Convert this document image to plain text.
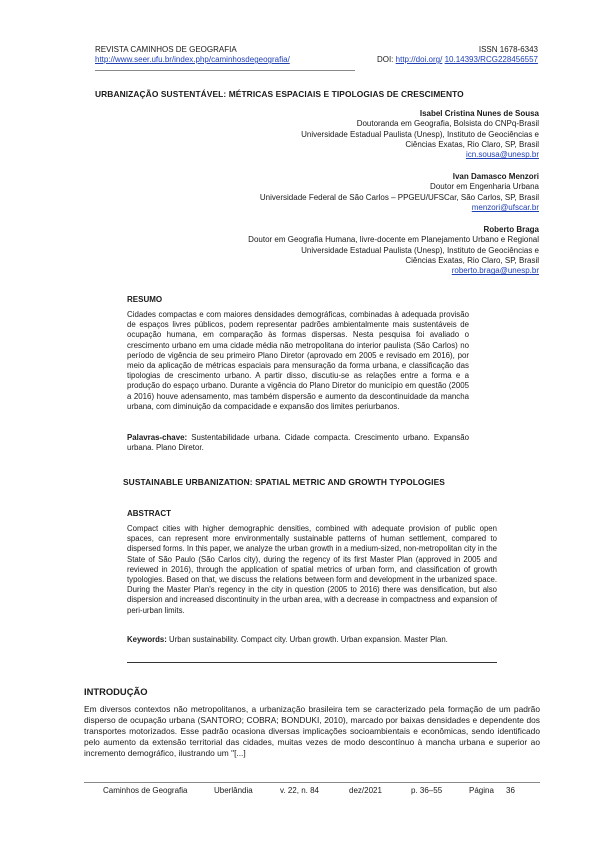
REVISTA CAMINHOS DE GEOGRAFIA	ISSN 1678-6343
http://www.seer.ufu.br/index.php/caminhosdegeografia/	DOI: http://doi.org/ 10.14393/RCG228456557
URBANIZAÇÃO SUSTENTÁVEL: MÉTRICAS ESPACIAIS E TIPOLOGIAS DE CRESCIMENTO
Isabel Cristina Nunes de Sousa
Doutoranda em Geografia, Bolsista do CNPq-Brasil
Universidade Estadual Paulista (Unesp), Instituto de Geociências e
Ciências Exatas, Rio Claro, SP, Brasil
icn.sousa@unesp.br
Ivan Damasco Menzori
Doutor em Engenharia Urbana
Universidade Federal de São Carlos – PPGEU/UFSCar, São Carlos, SP, Brasil
menzori@ufscar.br
Roberto Braga
Doutor em Geografia Humana, livre-docente em Planejamento Urbano e Regional
Universidade Estadual Paulista (Unesp), Instituto de Geociências e
Ciências Exatas, Rio Claro, SP, Brasil
roberto.braga@unesp.br
RESUMO
Cidades compactas e com maiores densidades demográficas, combinadas à adequada provisão de espaços livres públicos, podem representar padrões ambientalmente mais sustentáveis de ocupação humana, em comparação às formas dispersas. Nesta pesquisa foi avaliado o crescimento urbano em uma cidade média não metropolitana do interior paulista (São Carlos) no período de vigência de seu primeiro Plano Diretor (aprovado em 2005 e revisado em 2016), por meio da aplicação de métricas espaciais para mensuração da forma urbana, e classificação das tipologias de crescimento urbano. A partir disso, discutiu-se as relações entre a forma e a produção do espaço urbano. Durante a vigência do Plano Diretor do município em questão (2005 a 2016) houve adensamento, mas também dispersão e aumento da descontinuidade da mancha urbana, com diminuição da compacidade e expansão dos limites periurbanos.
Palavras-chave: Sustentabilidade urbana. Cidade compacta. Crescimento urbano. Expansão urbana. Plano Diretor.
SUSTAINABLE URBANIZATION: SPATIAL METRIC AND GROWTH TYPOLOGIES
ABSTRACT
Compact cities with higher demographic densities, combined with adequate provision of public open spaces, can represent more environmentally sustainable patterns of human settlement, compared to dispersed forms. In this paper, we analyze the urban growth in a medium-sized, non-metropolitan city in the State of São Paulo (São Carlos city), during the regency of its first Master Plan (approved in 2005 and reviewed in 2016), through the application of spatial metrics of urban form, and classification of growth typologies. Based on that, we discuss the relations between form and development in the urbanized space. During the Master Plan's regency in the city in question (2005 to 2016) there was densification, but also dispersion and increased discontinuity in the urban area, with a decrease in compactness and expansion of peri-urban limits.
Keywords: Urban sustainability. Compact city. Urban growth. Urban expansion. Master Plan.
INTRODUÇÃO
Em diversos contextos não metropolitanos, a urbanização brasileira tem se caracterizado pela formação de um padrão disperso de ocupação urbana (SANTORO; COBRA; BONDUKI, 2010), marcado por baixas densidades e dependente dos transportes motorizados. Esse padrão ocasiona diversas implicações socioambientais e econômicas, sendo identificado pelo aumento da extensão territorial das cidades, muitas vezes de modo descontínuo à mancha urbana e superior ao incremento demográfico, ilustrando um "[...]
Caminhos de Geografia	Uberlândia	v. 22, n. 84	dez/2021	p. 36–55	Página 36
